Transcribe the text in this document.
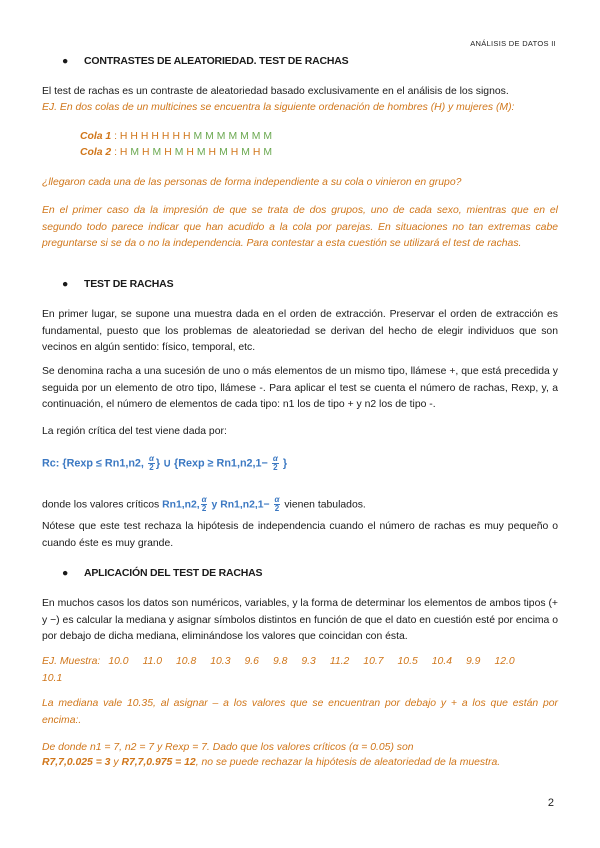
ANÁLISIS DE DATOS II
● CONTRASTES DE ALEATORIEDAD. TEST DE RACHAS
El test de rachas es un contraste de aleatoriedad basado exclusivamente en el análisis de los signos.
EJ. En dos colas de un multicines se encuentra la siguiente ordenación de hombres (H) y mujeres (M):
Cola 1 : H H H H H H H M M M M M M M
Cola 2 : H M H M H M H M H M H M H M
¿llegaron cada una de las personas de forma independiente a su cola o vinieron en grupo?
En el primer caso da la impresión de que se trata de dos grupos, uno de cada sexo, mientras que en el segundo todo parece indicar que han acudido a la cola por parejas. En situaciones no tan extremas cabe preguntarse si se da o no la independencia. Para contestar a esta cuestión se utilizará el test de rachas.
● TEST DE RACHAS
En primer lugar, se supone una muestra dada en el orden de extracción. Preservar el orden de extracción es fundamental, puesto que los problemas de aleatoriedad se derivan del hecho de elegir individuos que son vecinos en algún sentido: físico, temporal, etc.
Se denomina racha a una sucesión de uno o más elementos de un mismo tipo, llámese +, que está precedida y seguida por un elemento de otro tipo, llámese -. Para aplicar el test se cuenta el número de rachas, Rexp, y, a continuación, el número de elementos de cada tipo: n1 los de tipo + y n2 los de tipo -.
La región crítica del test viene dada por:
Rc: {Rexp ≤ Rn1,n2, $\frac{\alpha}{2}$ } ∪ {$Rexp \ge Rn1,n2,1- \frac{\alpha}{2}$ }
donde los valores críticos Rn1,n2, $\frac{\alpha}{2}$ y $Rn1,n2,1- \frac{\alpha}{2}$ vienen tabulados.
Nótese que este test rechaza la hipótesis de independencia cuando el número de rachas es muy pequeño o cuando éste es muy grande.
● APLICACIÓN DEL TEST DE RACHAS
En muchos casos los datos son numéricos, variables, y la forma de determinar los elementos de ambos tipos (+ y −) es calcular la mediana y asignar símbolos distintos en función de que el dato en cuestión esté por encima o por debajo de dicha mediana, eliminándose los valores que coincidan con ésta.
EJ. Muestra: 10.0 11.0 10.8 10.3 9.6 9.8 9.3 11.2 10.7 10.5 10.4 9.9 12.0
10.1
La mediana vale 10.35, al asignar – a los valores que se encuentran por debajo y + a los que están por encima:.
De donde n1 = 7, n2 = 7 y Rexp = 7. Dado que los valores críticos (α = 0.05) son
R7,7,0.025 = 3 y R7,7,0.975 = 12, no se puede rechazar la hipótesis de aleatoriedad de la muestra.
2
